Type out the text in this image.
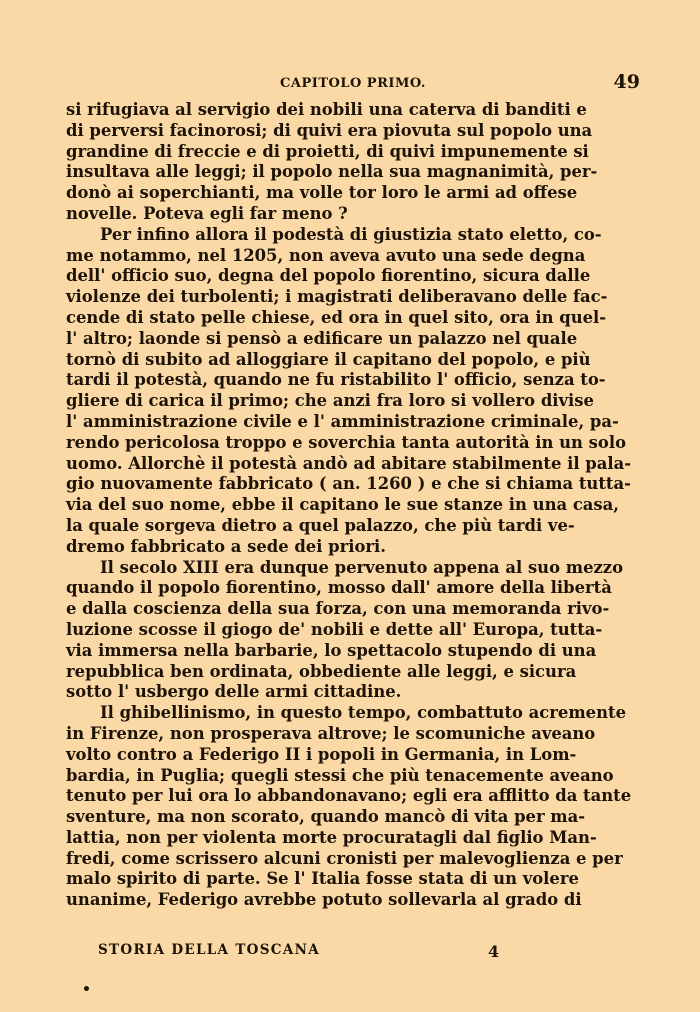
CAPITOLO PRIMO.	49
si rifugiava al servigio dei nobili una caterva di banditi e
di perversi facinorosi; di quivi era piovuta sul popolo una
grandine di freccie e di proietti, di quivi impunemente si
insultava alle leggi; il popolo nella sua magnanimità, per-
donò ai soperchianti, ma volle tor loro le armi ad offese
novelle. Poteva egli far meno ?
Per infino allora il podestà di giustizia stato eletto, co-
me notammo, nel 1205, non aveva avuto una sede degna
dell' officio suo, degna del popolo fiorentino, sicura dalle
violenze dei turbolenti; i magistrati deliberavano delle fac-
cende di stato pelle chiese, ed ora in quel sito, ora in quel-
l' altro; laonde si pensò a edificare un palazzo nel quale
tornò di subito ad alloggiare il capitano del popolo, e più
tardi il potestà, quando ne fu ristabilito l' officio, senza to-
gliere di carica il primo; che anzi fra loro si vollero divise
l' amministrazione civile e l' amministrazione criminale, pa-
rendo pericolosa troppo e soverchia tanta autorità in un solo
uomo. Allorchè il potestà andò ad abitare stabilmente il pala-
gio nuovamente fabbricato ( an. 1260 ) e che si chiama tutta-
via del suo nome, ebbe il capitano le sue stanze in una casa,
la quale sorgeva dietro a quel palazzo, che più tardi ve-
dremo fabbricato a sede dei priori.
Il secolo XIII era dunque pervenuto appena al suo mezzo
quando il popolo fiorentino, mosso dall' amore della libertà
e dalla coscienza della sua forza, con una memoranda rivo-
luzione scosse il giogo de' nobili e dette all' Europa, tutta-
via immersa nella barbarie, lo spettacolo stupendo di una
repubblica ben ordinata, obbediente alle leggi, e sicura
sotto l' usbergo delle armi cittadine.
Il ghibellinismo, in questo tempo, combattuto acremente
in Firenze, non prosperava altrove; le scomuniche aveano
volto contro a Federigo II i popoli in Germania, in Lom-
bardia, in Puglia; quegli stessi che più tenacemente aveano
tenuto per lui ora lo abbandonavano; egli era afflitto da tante
sventure, ma non scorato, quando mancò di vita per ma-
lattia, non per violenta morte procuratagli dal figlio Man-
fredi, come scrissero alcuni cronisti per malevoglienza e per
malo spirito di parte. Se l' Italia fosse stata di un volere
unanime, Federigo avrebbe potuto sollevarla al grado di
STORIA DELLA TOSCANA	4
